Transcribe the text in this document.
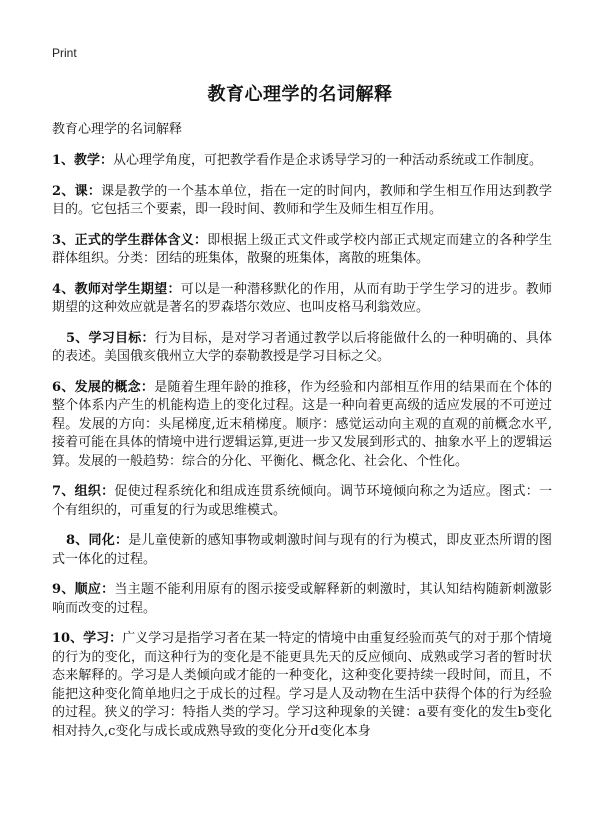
Print
教育心理学的名词解释

教育心理学的名词解释

1、教学：从心理学角度，可把教学看作是企求诱导学习的一种活动系统或工作制度。

2、课：课是教学的一个基本单位，指在一定的时间内，教师和学生相互作用达到教学目的。它包括三个要素，即一段时间、教师和学生及师生相互作用。

3、正式的学生群体含义：即根据上级正式文件或学校内部正式规定而建立的各种学生群体组织。分类：团结的班集体，散聚的班集体，离散的班集体。

4、教师对学生期望：可以是一种潜移默化的作用，从而有助于学生学习的进步。教师期望的这种效应就是著名的罗森塔尔效应、也叫皮格马利翁效应。

5、学习目标：行为目标，是对学习者通过教学以后将能做什么的一种明确的、具体的表述。美国俄亥俄州立大学的泰勒教授是学习目标之父。

6、发展的概念：是随着生理年龄的推移，作为经验和内部相互作用的结果而在个体的整个体系内产生的机能构造上的变化过程。这是一种向着更高级的适应发展的不可逆过程。发展的方向：头尾梯度,近末稍梯度。顺序：感觉运动向主观的直观的前概念水平,接着可能在具体的情境中进行逻辑运算,更进一步又发展到形式的、抽象水平上的逻辑运算。发展的一般趋势：综合的分化、平衡化、概念化、社会化、个性化。

7、组织：促使过程系统化和组成连贯系统倾向。调节环境倾向称之为适应。图式：一个有组织的，可重复的行为或思维模式。

8、同化：是儿童使新的感知事物或刺激时间与现有的行为模式，即皮亚杰所谓的图式一体化的过程。

9、顺应：当主题不能利用原有的图示接受或解释新的刺激时，其认知结构随新刺激影响而改变的过程。

10、学习：广义学习是指学习者在某一特定的情境中由重复经验而英气的对于那个情境的行为的变化，而这种行为的变化是不能更具先天的反应倾向、成熟或学习者的暂时状态来解释的。学习是人类倾向或才能的一种变化，这种变化要持续一段时间，而且，不能把这种变化简单地归之于成长的过程。学习是人及动物在生活中获得个体的行为经验的过程。狭义的学习：特指人类的学习。学习这种现象的关键：a要有变化的发生b变化相对持久,c变化与成长或成熟导致的变化分开d变化本身
